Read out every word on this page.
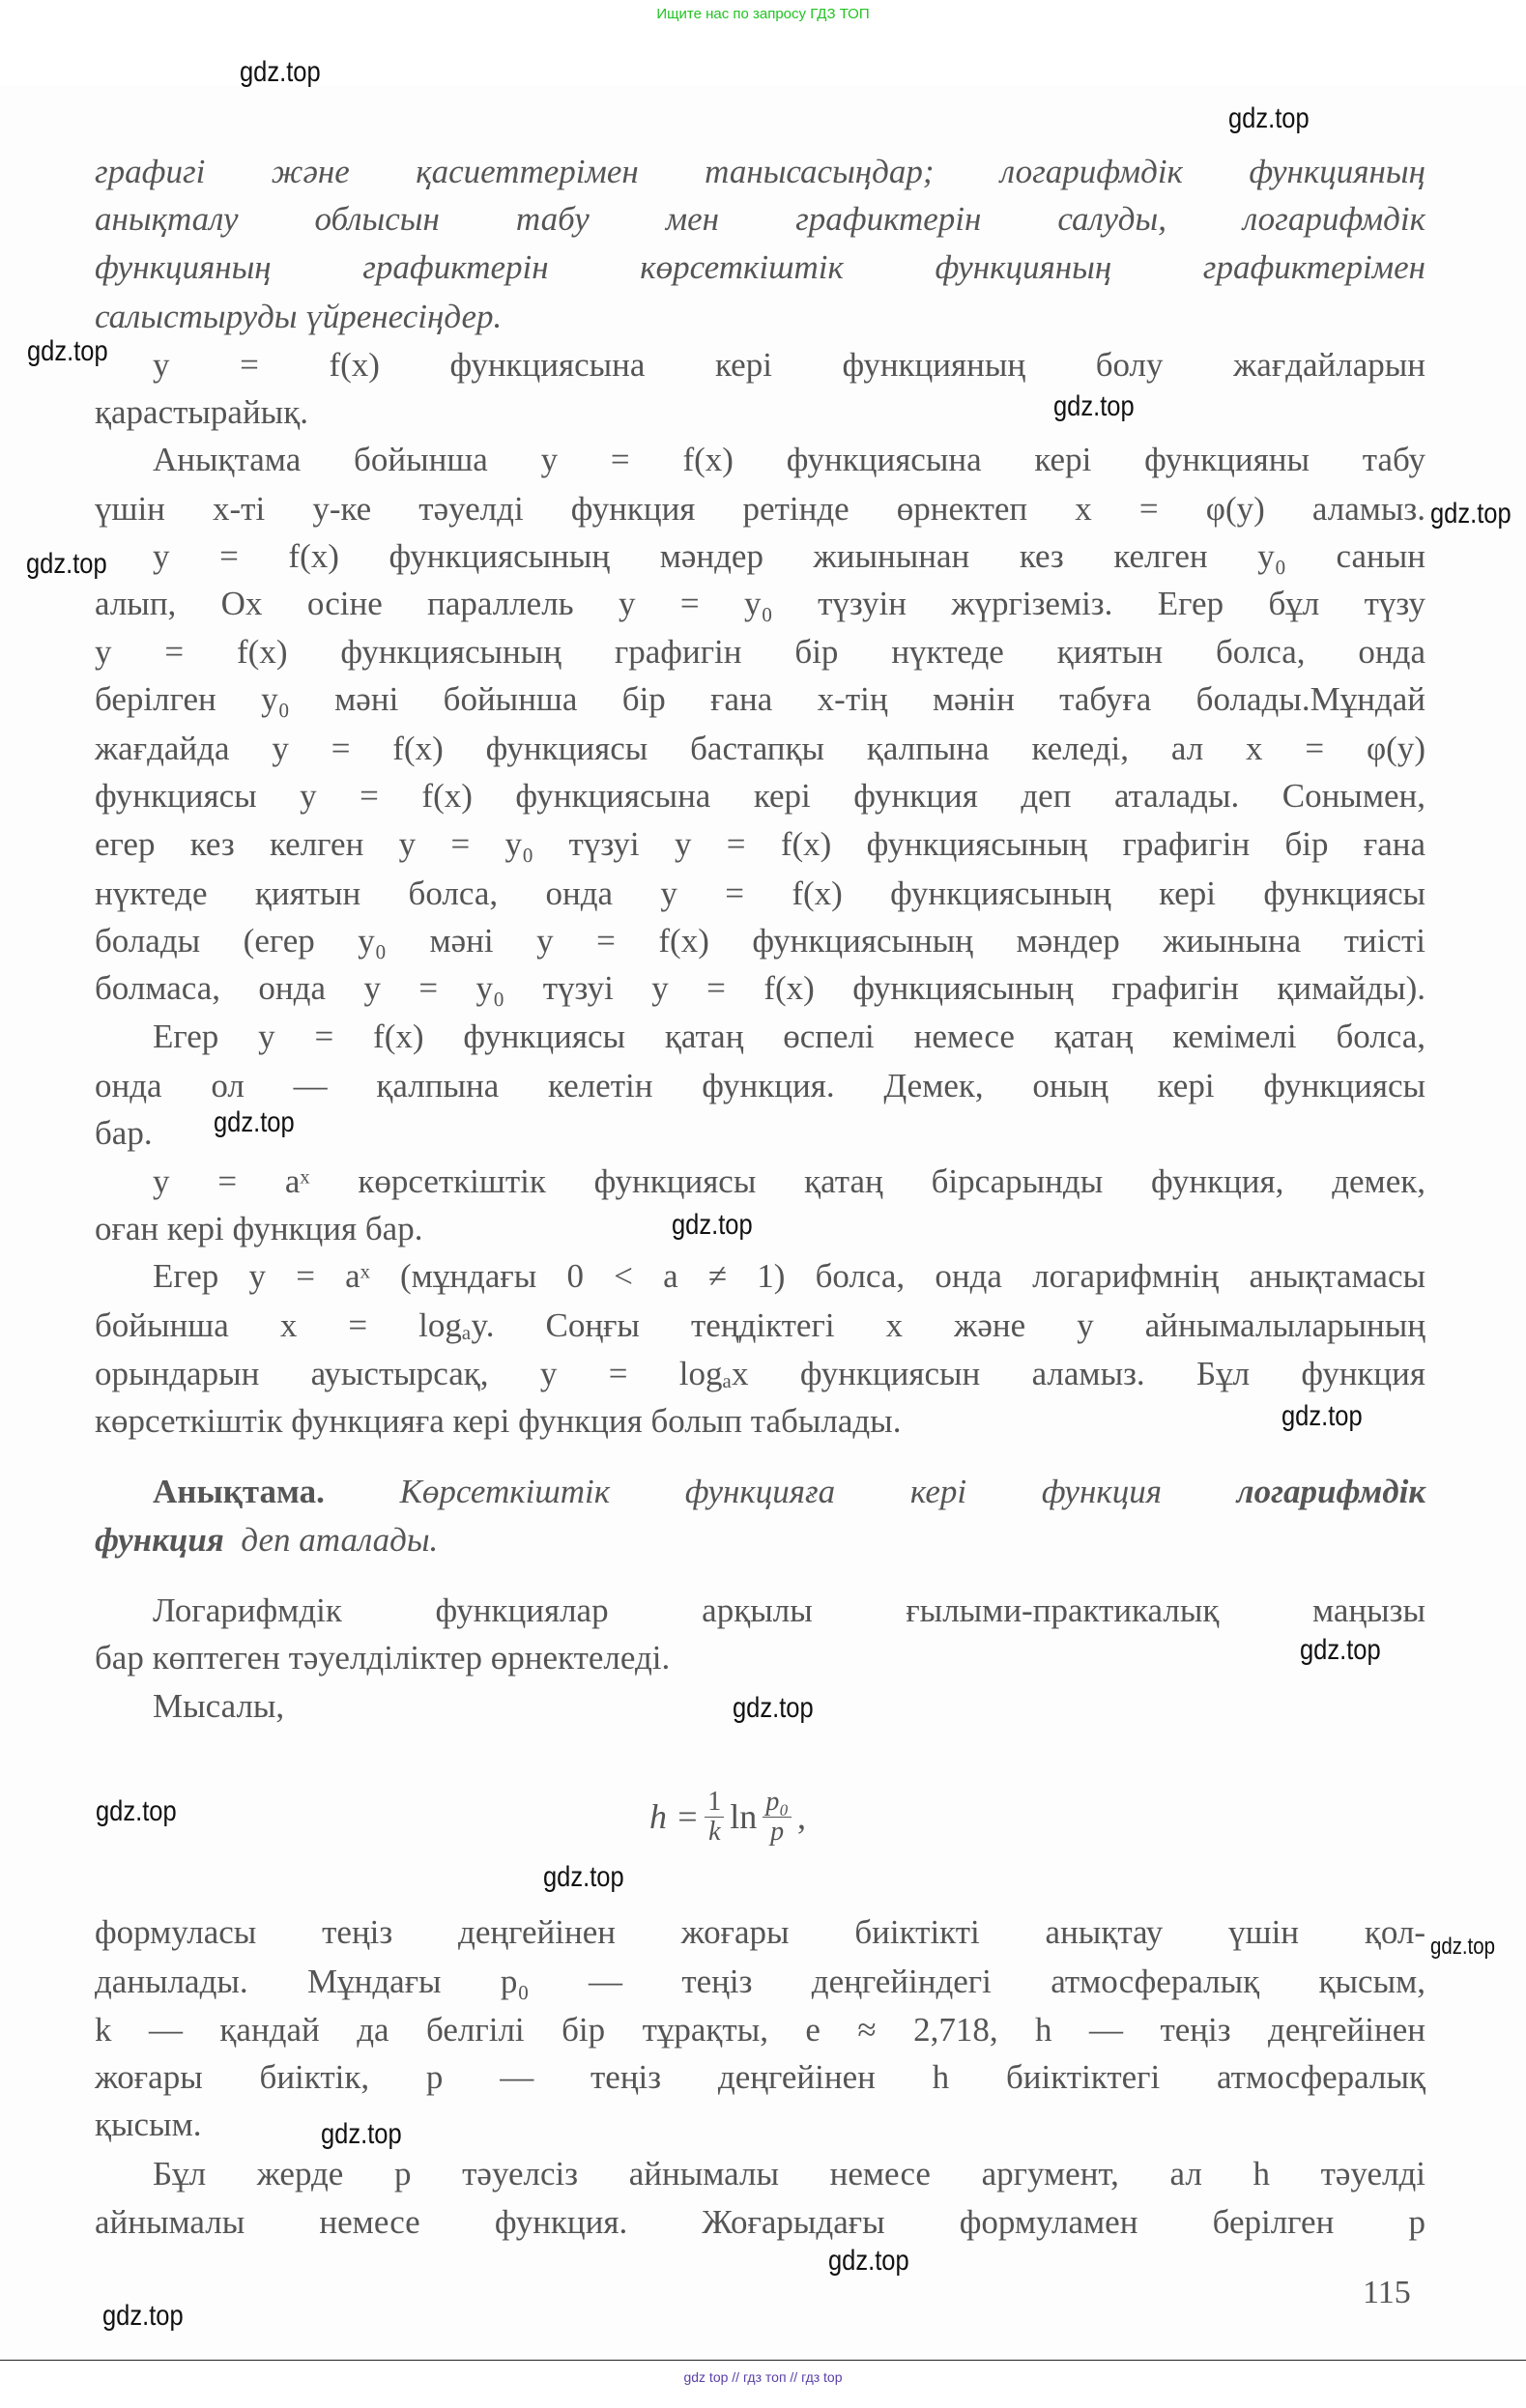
Ищите нас по запросу ГДЗ ТОП
графигі және қасиеттерімен танысасыңдар; логарифмдік функцияның
анықталу облысын табу мен графиктерін салуды, логарифмдік
функцияның графиктерін көрсеткіштік функцияның графиктерімен
салыстыруды үйренесіңдер.
y = f(x) функциясына кері функцияның болу жағдайларын
қарастырайық.
Анықтама бойынша y = f(x) функциясына кері функцияны табу
үшін x-ті y-ке тәуелді функция ретінде өрнектеп x = φ(y) аламыз.
y = f(x) функциясының мәндер жиынынан кез келген y₀ санын
алып, Ox осіне параллель y = y₀ түзуін жүргіземіз. Егер бұл түзу
y = f(x) функциясының графигін бір нүктеде қиятын болса, онда
берілген y₀ мәні бойынша бір ғана x-тің мәнін табуға болады.Мұндай
жағдайда y = f(x) функциясы бастапқы қалпына келеді, ал x = φ(y)
функциясы y = f(x) функциясына кері функция деп аталады. Сонымен,
егер кез келген y = y₀ түзуі y = f(x) функциясының графигін бір ғана
нүктеде қиятын болса, онда y = f(x) функциясының кері функциясы
болады (егер y₀ мәні y = f(x) функциясының мәндер жиынына тиісті
болмаса, онда y = y₀ түзуі y = f(x) функциясының графигін қимайды).
Егер y = f(x) функциясы қатаң өспелі немесе қатаң кемімелі болса,
онда ол — қалпына келетін функция. Демек, оның кері функциясы
бар.
y = aˣ көрсеткіштік функциясы қатаң бірсарынды функция, демек,
оған кері функция бар.
Егер y = aˣ (мұндағы 0 < a ≠ 1) болса, онда логарифмнің анықтамасы
бойынша x = logₐy. Соңғы теңдіктегі x және y айнымалыларының
орындарын ауыстырсақ, y = logₐx функциясын аламыз. Бұл функция
көрсеткіштік функцияға кері функция болып табылады.
Анықтама. Көрсеткіштік функцияға кері функция логарифмдік
функция деп аталады.
Логарифмдік функциялар арқылы ғылыми-практикалық маңызы
бар көптеген тәуелділіктер өрнектеледі.
Мысалы,
$h = \frac{1}{k}$ $\ln \frac{\text{p₀}}{p}$ ,
формуласы теңіз деңгейінен жоғары биіктікті анықтау үшін қол-
данылады. Мұндағы p₀ — теңіз деңгейіндегі атмосфералық қысым,
k — қандай да белгілі бір тұрақты, e ≈ 2,718, h — теңіз деңгейінен
жоғары биіктік, p — теңіз деңгейінен h биіктіктегі атмосфералық
қысым.
Бұл жерде p тәуелсіз айнымалы немесе аргумент, ал h тәуелді
айнымалы немесе функция. Жоғарыдағы формуламен берілген p
115
gdz.top
gdz.top
gdz.top
gdz.top
gdz.top
gdz.top
gdz.top
gdz.top
gdz.top
gdz.top
gdz.top
gdz.top
gdz.top
gdz.top
gdz.top
gdz.top
gdz.top
gdz top // гдз топ // гдз top
